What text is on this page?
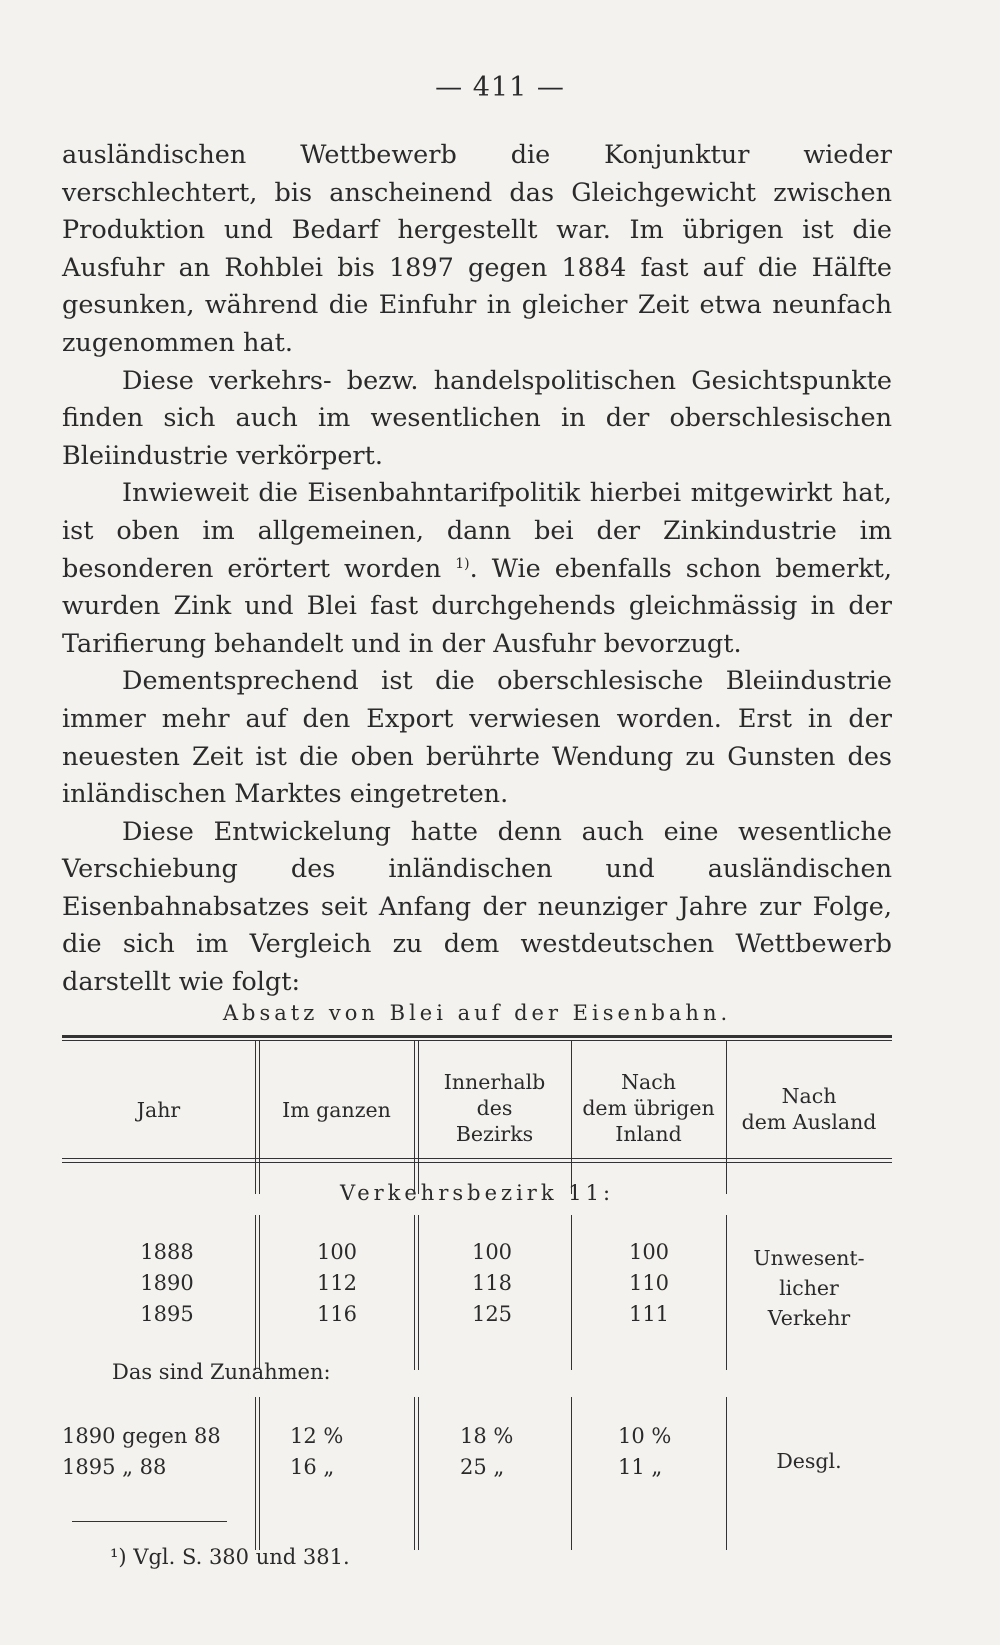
— 411 —

ausländischen Wettbewerb die Konjunktur wieder verschlechtert, bis anscheinend das Gleichgewicht zwischen Produktion und Bedarf hergestellt war. Im übrigen ist die Ausfuhr an Rohblei bis 1897 gegen 1884 fast auf die Hälfte gesunken, während die Einfuhr in gleicher Zeit etwa neunfach zugenommen hat.

Diese verkehrs- bezw. handelspolitischen Gesichtspunkte finden sich auch im wesentlichen in der oberschlesischen Bleiindustrie verkörpert.

Inwieweit die Eisenbahntarifpolitik hierbei mitgewirkt hat, ist oben im allgemeinen, dann bei der Zinkindustrie im besonderen erörtert worden $^{1)}$. Wie ebenfalls schon bemerkt, wurden Zink und Blei fast durchgehends gleichmässig in der Tarifierung behandelt und in der Ausfuhr bevorzugt.

Dementsprechend ist die oberschlesische Bleiindustrie immer mehr auf den Export verwiesen worden. Erst in der neuesten Zeit ist die oben berührte Wendung zu Gunsten des inländischen Marktes eingetreten.

Diese Entwickelung hatte denn auch eine wesentliche Verschiebung des inländischen und ausländischen Eisenbahnabsatzes seit Anfang der neunziger Jahre zur Folge, die sich im Vergleich zu dem westdeutschen Wettbewerb darstellt wie folgt:

Absatz von Blei auf der Eisenbahn.
Jahr	Im ganzen
Innerhalb
des
Bezirks
Nach
dem übrigen
Inland
Nach
dem Ausland
Verkehrsbezirk 11:
1888
1890
1895
100
112
116
100
118
125
100
110
111
Unwesent-
licher
Verkehr
Das sind Zunahmen:
1890 gegen 88
1895 „ 88
12 %
16 „
18 %
25 „
10 %
11 „	Desgl.
¹) Vgl. S. 380 und 381.
